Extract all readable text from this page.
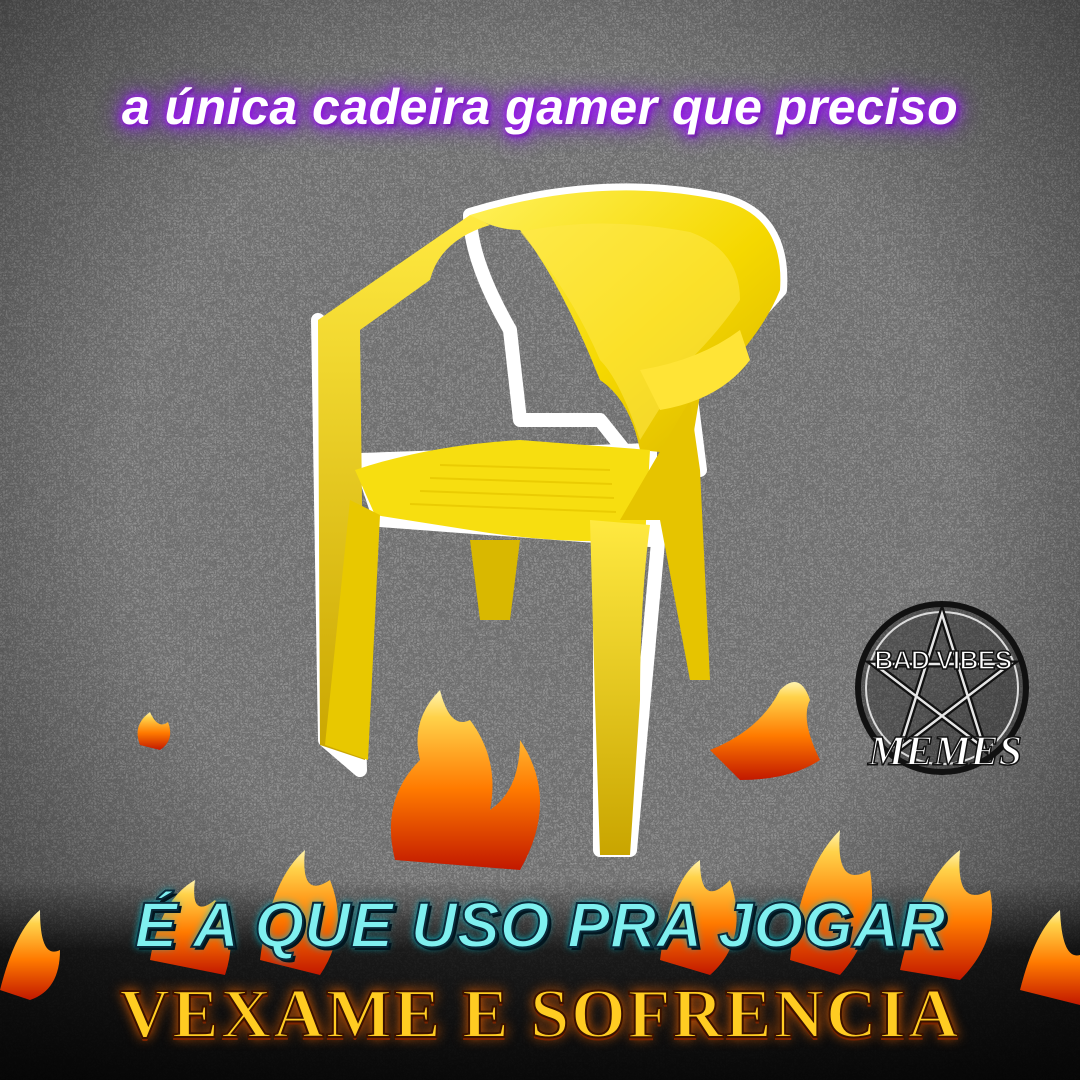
a única cadeira gamer que preciso
BAD VIBES
MEMES
É A QUE USO PRA JOGAR
VEXAME E SOFRENCIA
